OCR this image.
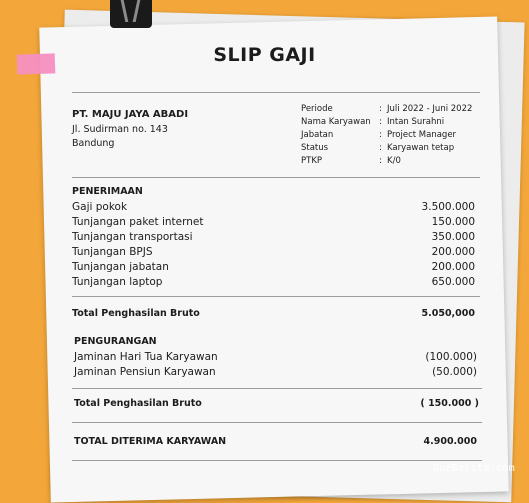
SLIP GAJI
PT. MAJU JAYA ABADI
Jl. Sudirman no. 143
Bandung
Periode	: Juli 2022 - Juni 2022
Nama Karyawan : Intan Surahni
Jabatan	: Project Manager
Status	: Karyawan tetap
PTKP	: K/0
PENERIMAAN
Gaji pokok	3.500.000
Tunjangan paket internet	150.000
Tunjangan transportasi	350.000
Tunjangan BPJS	200.000
Tunjangan jabatan	200.000
Tunjangan laptop	650.000
Total Penghasilan Bruto	5.050,000
PENGURANGAN
Jaminan Hari Tua Karyawan	(100.000)
Jaminan Pensiun Karyawan	(50.000)
Total Penghasilan Bruto	( 150.000 )
TOTAL DITERIMA KARYAWAN	4.900.000
GueBerita.com
